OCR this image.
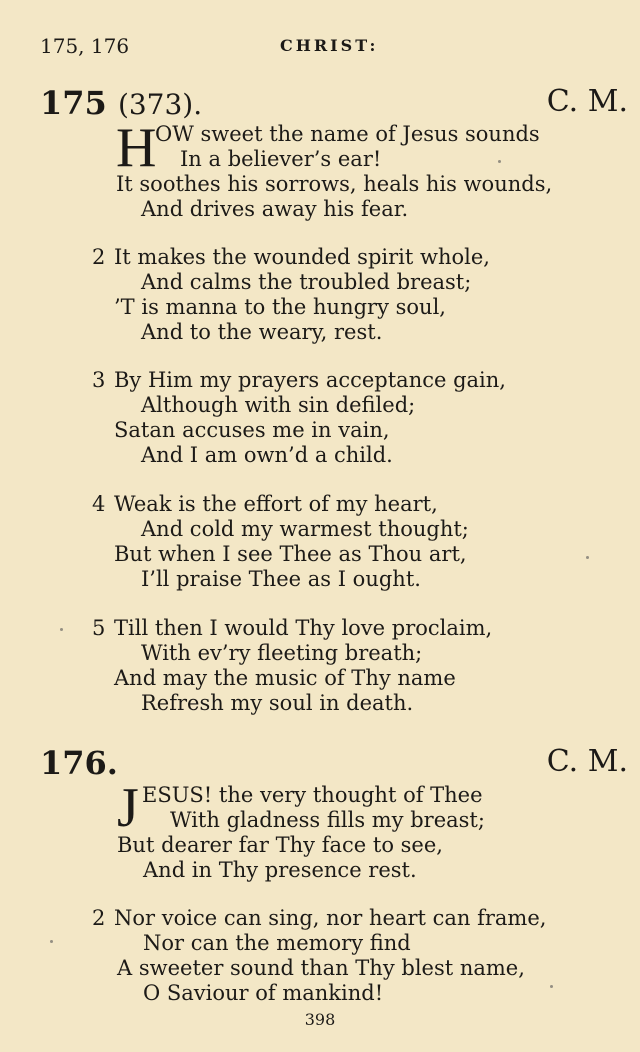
175, 176	CHRIST:
175 (373).	C. M.
H
OW sweet the name of Jesus sounds
In a believer’s ear!
It soothes his sorrows, heals his wounds,
And drives away his fear.
2 It makes the wounded spirit whole,
And calms the troubled breast;
’T is manna to the hungry soul,
And to the weary, rest.
3 By Him my prayers acceptance gain,
Although with sin defiled;
Satan accuses me in vain,
And I am own’d a child.
4 Weak is the effort of my heart,
And cold my warmest thought;
But when I see Thee as Thou art,
I’ll praise Thee as I ought.
5 Till then I would Thy love proclaim,
With ev’ry fleeting breath;
And may the music of Thy name
Refresh my soul in death.
176.	C. M.
J ESUS! the very thought of Thee
With gladness fills my breast;
But dearer far Thy face to see,
And in Thy presence rest.
2 Nor voice can sing, nor heart can frame,
Nor can the memory find
A sweeter sound than Thy blest name,
O Saviour of mankind!
398
